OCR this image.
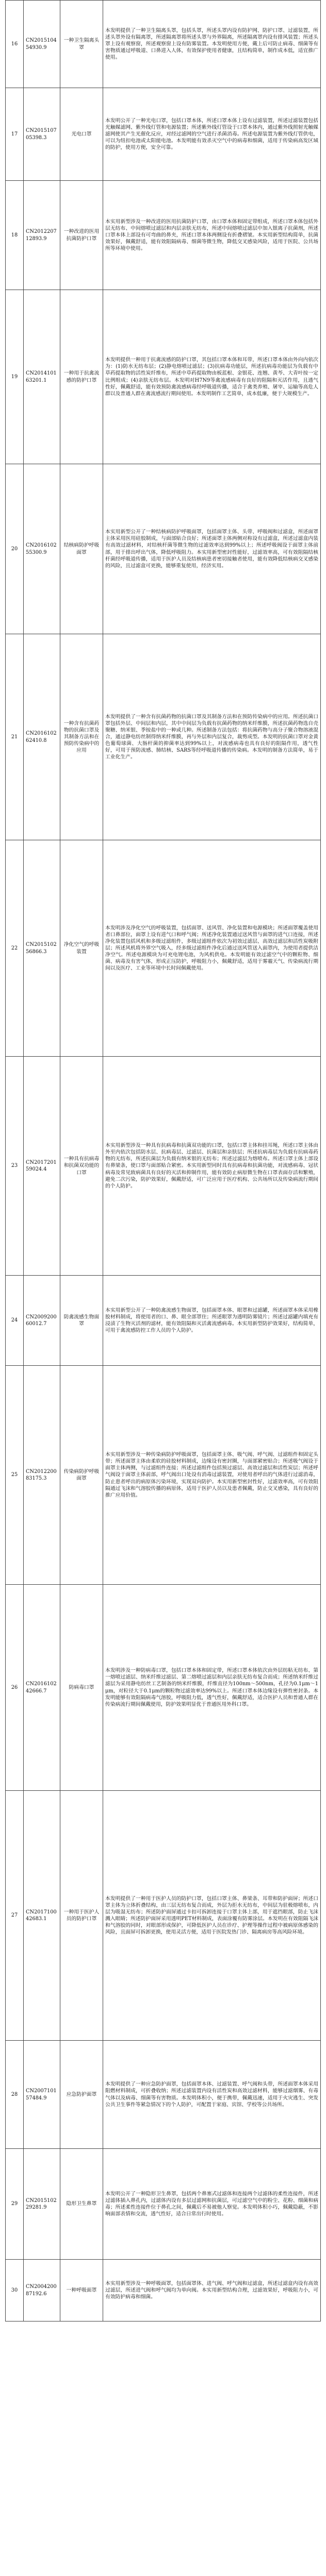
16	CN201510454930.9	一种卫生隔离头罩	本发明提供了一种卫生隔离头罩，包括头罩，所述头罩内设有防护网、防护口罩、过滤装置，所述头罩外设有隔离罩，所述隔离罩将所述头罩与外界隔离，所述隔离罩内设有排风装置；所述头罩上设有观察窗，所述观察窗上设有防雾装置。本发明使用方便，戴上后可防止病毒、细菌等有害物质通过呼吸道、口鼻进入人体，有效保护使用者健康，且结构简单，制作成本低，适宜推广使用。
17	CN201510705398.3	光电口罩	本发明公开了一种光电口罩，包括口罩本体，所述口罩本体上设有过滤装置，所述过滤装置包括光触媒滤网、紫外线灯管和电源装置；所述紫外线灯管设于口罩本体内，通过紫外线照射光触媒滤网使其产生光催化反应，对经过滤网的空气进行杀菌消毒。所述电源装置为紫外线灯管供电，可以为纽扣电池或太阳能电池。本发明能有效杀灭空气中的病毒和细菌，适用于传染病高发区域的防护，使用方便，安全可靠。
18	CN201220712893.9	一种改进的医用抗菌防护口罩	本实用新型涉及一种改进的医用抗菌防护口罩，由口罩本体和固定带组成，所述口罩本体包括外层无纺布、中间熔喷过滤层和内层亲肤无纺布，所述中间熔喷过滤层中加入银离子抗菌剂，所述口罩本体上部设有可弯曲的鼻夹，所述口罩本体两侧设有折叠褶皱。本实用新型结构简单，抗菌效果好，佩戴舒适，能有效阻隔病毒、细菌等微生物，降低交叉感染风险，适用于医院、公共场所等环境中使用。
19	CN201410163201.1	一种用于抗禽流感的防护口罩	本发明提供一种用于抗禽流感的防护口罩，其包括口罩本体和耳带，所述口罩本体由外向内依次为：(1)防水无纺布层；(2)静电熔喷过滤层；(3)抗病毒功能层，所述抗病毒功能层为负载有中草药提取物的活性炭纤维布，所述中草药提取物由板蓝根、金银花、连翘、黄芩、大青叶按一定比例组成；(4)亲肤无纺布层。本发明对H7N9等禽流感病毒有良好的阻隔和灭活作用，且透气性好，佩戴舒适，能有效预防禽流感病毒经呼吸道传播，适合于禽类养殖、屠宰、运输等高危人群以及普通人群在禽流感流行期间使用。本发明制作工艺简单，成本低廉，便于大规模生产。
20	CN201610255300.9	结核病防护呼吸面罩	本实用新型公开了一种结核病防护呼吸面罩，包括面罩主体、头带、呼吸阀和过滤盒，所述面罩主体采用医用硅胶制成，与面部贴合良好；所述面罩主体两侧对称设有过滤盒，所述过滤盒内装有高效过滤材料，对结核杆菌等微生物的过滤效率达到99%以上；所述呼吸阀设于面罩主体前部，用于排出呼出气体，降低呼吸阻力。本实用新型密封性能好，过滤效率高，可有效阻隔结核杆菌经呼吸道传播，适用于医护人员及结核病患者密切接触者使用，能有效降低结核病交叉感染的风险，且过滤盒可更换，能够重复使用，经济实用。
21	CN201610262410.8	一种含有抗菌药物的抗菌口罩及其制备方法和在预防传染病中的应用	本发明提供了一种含有抗菌药物的抗菌口罩及其制备方法和在预防传染病中的应用。所述抗菌口罩包括外层、中间层和内层，其中中间层为负载有抗菌药物的纳米纤维膜，所述抗菌药物选自壳聚糖、纳米银、季铵盐中的一种或几种。所述制备方法包括：将抗菌药物与高分子聚合物溶液混合，通过静电纺丝制得纳米纤维膜，再与外层和内层复合，裁剪成型。本发明的抗菌口罩对金黄色葡萄球菌、大肠杆菌的抑菌率达到99%以上，对流感病毒也具有良好的阻隔作用，透气性好，可用于预防流感、肺结核、SARS等经呼吸道传播的传染病。本发明的制备方法简单，易于工业化生产。
22	CN201510256866.3	净化空气的呼吸装置	本发明涉及净化空气的呼吸装置，包括面罩、送风管、净化装置和电源模块；所述面罩覆盖使用者口鼻部位，面罩上设有进气口和呼气阀；所述净化装置通过送风管与面罩的进气口连接，所述净化装置包括风机和多级过滤组件，多级过滤组件依次为初效过滤层、高效过滤层和活性炭吸附层；所述风机将外界空气吸入，经多级过滤组件净化后通过送风管送入面罩内，为使用者提供洁净空气。所述电源模块为可充电锂电池，为风机供电。本发明能有效过滤空气中的颗粒物、细菌、病毒及有害气体，形成正压防护，呼吸阻力小，佩戴舒适，适用于雾霾天气、传染病流行期间以及医疗、工业等环境中长时间佩戴使用。
23	CN201720159024.4	一种具有抗病毒和抗菌双功能的口罩	本实用新型涉及一种具有抗病毒和抗菌双功能的口罩，包括口罩主体和挂耳绳，所述口罩主体由外至内依次包括防水层、抗病毒层、过滤层、抗菌层和亲肤层；所述抗病毒层为负载有抗病毒药物的无纺布，所述抗菌层为负载有纳米银的无纺布；所述过滤层为熔喷布。所述口罩主体上部设有鼻梁条，使口罩与面部贴合紧密。本实用新型同时具有抗病毒和抗菌功能，对流感病毒、冠状病毒及常见致病菌具有良好的灭活和抑制作用，能有效防止病原微生物在口罩表面存活和繁殖，避免二次污染，防护效果好，佩戴舒适，可广泛应用于医疗机构、公共场所以及传染病流行期间的个人防护。
24	CN200920060012.7	防禽流感生物面罩	本实用新型公开了一种防禽流感生物面罩，包括面罩本体、眼罩和过滤罐，所述面罩本体采用橡胶材料制成，将使用者的口、鼻、眼全部罩住；所述眼罩为透明防雾镜片；所述过滤罐内填充有浸渍了生物灭活剂的滤材，能有效阻隔和灭活禽流感病毒。本实用新型防护效果好，结构简单，可用于禽流感防控工作人员的个人防护。
25	CN201220083175.3	传染病防护呼吸面罩	本实用新型涉及一种传染病防护呼吸面罩，包括面罩主体、吸气阀、呼气阀、过滤组件和固定头带；所述面罩主体由柔软的硅胶材料制成，边缘设有密封圈，与面部紧密贴合；所述吸气阀设于面罩主体两侧，与过滤组件连接；所述过滤组件包括预过滤层、高效过滤层和活性炭层；所述呼气阀设于面罩主体前部，呼气阀出口处设有消毒过滤装置，对使用者呼出的气体进行过滤消毒，防止患者呼出的病原体污染环境，实现双向防护。本实用新型密封性好，过滤效率高，可有效阻隔通过飞沫和气溶胶传播的病原体，适用于医护人员以及患者佩戴，防止交叉感染，具有良好的推广应用价值。
26	CN201610242666.7	防病毒口罩	本发明涉及一种防病毒口罩，包括口罩本体和固定带，所述口罩本体依次由外层纺粘无纺布、第一熔喷过滤层、纳米纤维过滤层、第二熔喷过滤层和内层亲肤无纺布复合而成；所述纳米纤维过滤层为采用静电纺丝工艺制备的纳米纤维膜，纤维直径为100nm～500nm，孔径为0.1μm～1μm，对粒径大于0.1μm的颗粒物过滤效率达99%以上。所述口罩本体边缘设有弹性密封条。本发明能够有效阻隔病毒气溶胶，呼吸阻力低，透气性好，佩戴舒适，适合医护人员和普通人群在传染病流行期间佩戴使用，防护效果明显优于普通医用外科口罩。
27	CN201710042683.1	一种用于医护人员的防护口罩	本发明提供了一种用于医护人员的防护口罩，包括口罩主体、鼻梁条、耳带和防护面屏；所述口罩主体为立体折叠结构，由三层无纺布复合而成，外层为拒水无纺布，中间层为驻极熔喷布，内层为吸湿无纺布；所述防护面屏通过卡扣可拆卸连接于口罩主体上部，用于遮挡眼部，防止飞沫溅入眼睛；所述防护面屏采用透明PET材料制成，表面涂覆有防雾涂层。本发明在有效阻隔飞沫和气溶胶的同时，对眼部形成保护，可降低医护人员在诊疗、护理等操作过程中被病原体感染的风险，且面屏可拆卸更换，使用灵活方便，适用于医院发热门诊、隔离病房等高风险环境。
28	CN200710157484.9	应急防护面罩	本发明提供了一种应急防护面罩，包括面罩本体、过滤装置、呼气阀和头带，所述面罩本体采用阻燃材料制成，可折叠收纳；所述过滤装置内设有活性炭和高效过滤材料，能够过滤烟雾、有毒气体以及病毒、细菌等有害物质。本发明体积小，便于携带，佩戴迅速，适用于火灾逃生、突发公共卫生事件等紧急情况下的个人防护，可配置于家庭、宾馆、学校等公共场所。
29	CN201510229281.9	隐形卫生鼻罩	本发明公开了一种隐形卫生鼻罩，包括两个鼻塞式过滤体和连接两个过滤体的柔性连接件，所述过滤体插入鼻孔内，过滤体内设有多层过滤网和抗菌层，可过滤空气中的粉尘、花粉、细菌和病毒；所述柔性连接件位于鼻孔之间，佩戴后不易被他人察觉。本发明体积小巧，佩戴隐蔽，不影响面部表情和交流，透气性好，适合日常出行时使用。
30	CN200420087192.6	一种呼吸面罩	本实用新型涉及一种呼吸面罩，包括面罩体、进气阀、呼气阀和过滤盒，所述过滤盒内设有高效过滤层，所述进气阀和呼气阀均为单向阀。本实用新型结构合理，过滤效果好，呼吸阻力小，可有效防护病毒和细菌。
